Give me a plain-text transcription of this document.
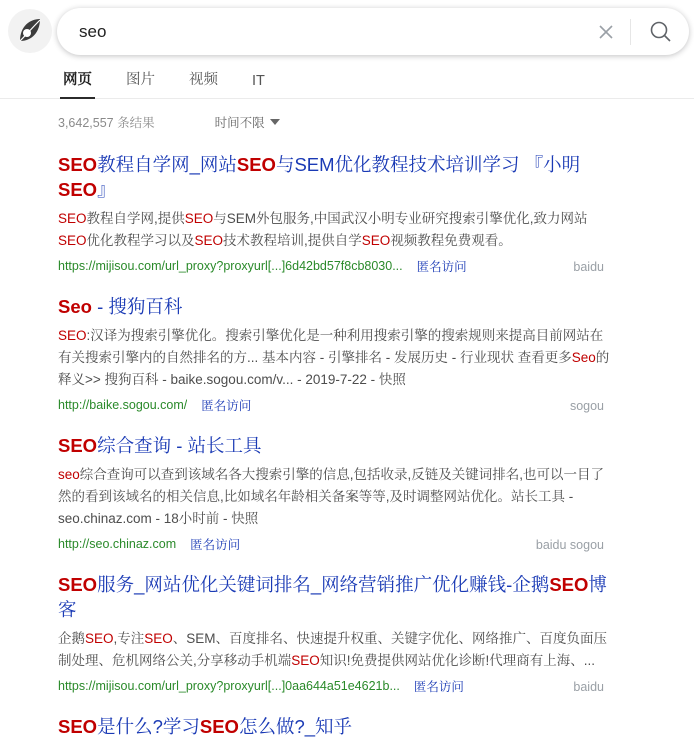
seo
网页	图片	视频	IT
3,642,557 条结果	时间不限
SEO教程自学网_网站SEO与SEM优化教程技术培训学习 『小明SEO』
SEO教程自学网,提供SEO与SEM外包服务,中国武汉小明专业研究搜索引擎优化,致力网站SEO优化教程学习以及SEO技术教程培训,提供自学SEO视频教程免费观看。
https://mijisou.com/url_proxy?proxyurl[...]6d42bd57f8cb8030... 匿名访问	baidu
Seo - 搜狗百科
SEO:汉译为搜索引擎优化。搜索引擎优化是一种利用搜索引擎的搜索规则来提高目前网站在有关搜索引擎内的自然排名的方... 基本内容 - 引擎排名 - 发展历史 - 行业现状 查看更多Seo的释义>> 搜狗百科 - baike.sogou.com/v... - 2019-7-22 - 快照
http://baike.sogou.com/ 匿名访问	sogou
SEO综合查询 - 站长工具
seo综合查询可以查到该域名各大搜索引擎的信息,包括收录,反链及关键词排名,也可以一目了然的看到该域名的相关信息,比如域名年龄相关备案等等,及时调整网站优化。站长工具 - seo.chinaz.com - 18小时前 - 快照
http://seo.chinaz.com 匿名访问	baidu sogou
SEO服务_网站优化关键词排名_网络营销推广优化赚钱-企鹅SEO博客
企鹅SEO,专注SEO、SEM、百度排名、快速提升权重、关键字优化、网络推广、百度负面压制处理、危机网络公关,分享移动手机端SEO知识!免费提供网站优化诊断!代理商有上海、...
https://mijisou.com/url_proxy?proxyurl[...]0aa644a51e4621b... 匿名访问	baidu
SEO是什么?学习SEO怎么做?_知乎
